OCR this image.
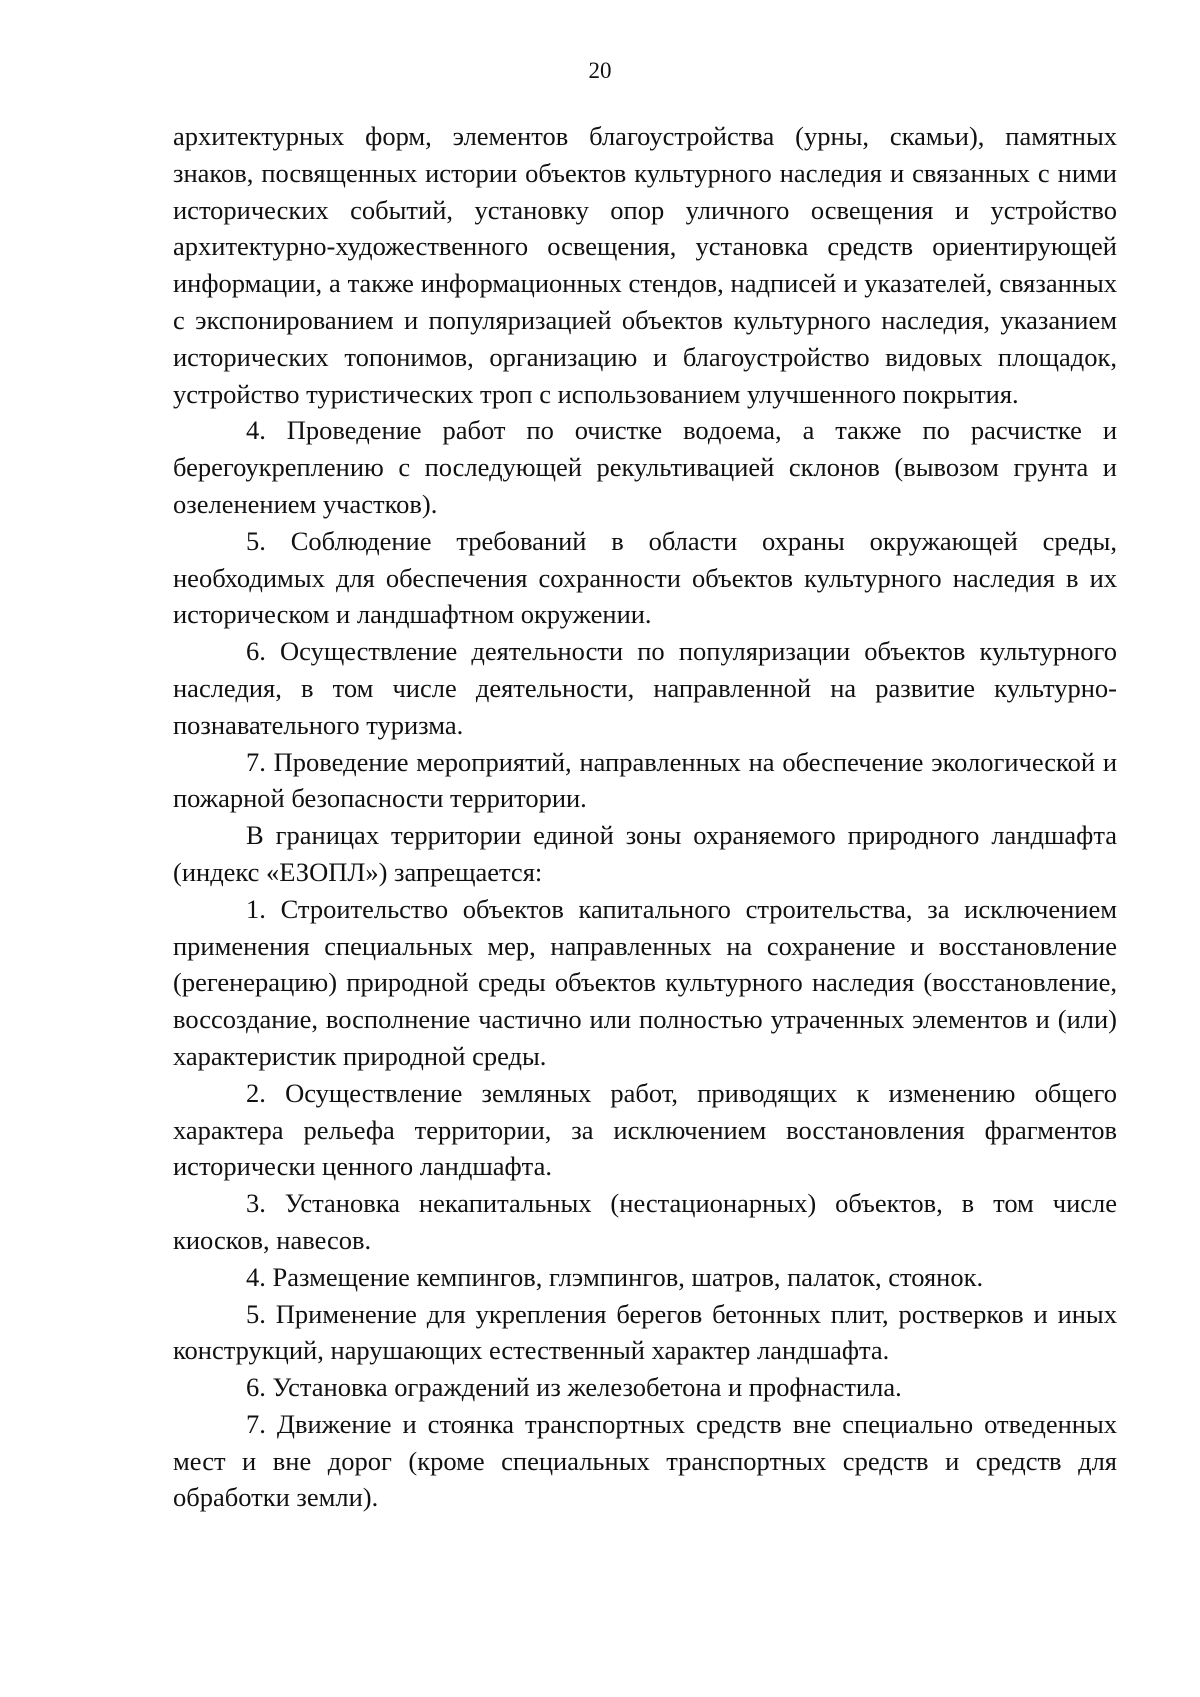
20

архитектурных форм, элементов благоустройства (урны, скамьи), памятных знаков, посвященных истории объектов культурного наследия и связанных с ними исторических событий, установку опор уличного освещения и устройство архитектурно-художественного освещения, установка средств ориентирующей информации, а также информационных стендов, надписей и указателей, связанных с экспонированием и популяризацией объектов культурного наследия, указанием исторических топонимов, организацию и благоустройство видовых площадок, устройство туристических троп с использованием улучшенного покрытия.

4. Проведение работ по очистке водоема, а также по расчистке и берегоукреплению с последующей рекультивацией склонов (вывозом грунта и озеленением участков).

5. Соблюдение требований в области охраны окружающей среды, необходимых для обеспечения сохранности объектов культурного наследия в их историческом и ландшафтном окружении.

6. Осуществление деятельности по популяризации объектов культурного наследия, в том числе деятельности, направленной на развитие культурно-познавательного туризма.

7. Проведение мероприятий, направленных на обеспечение экологической и пожарной безопасности территории.

В границах территории единой зоны охраняемого природного ландшафта (индекс «ЕЗОПЛ») запрещается:

1. Строительство объектов капитального строительства, за исключением применения специальных мер, направленных на сохранение и восстановление (регенерацию) природной среды объектов культурного наследия (восстановление, воссоздание, восполнение частично или полностью утраченных элементов и (или) характеристик природной среды.

2. Осуществление земляных работ, приводящих к изменению общего характера рельефа территории, за исключением восстановления фрагментов исторически ценного ландшафта.

3. Установка некапитальных (нестационарных) объектов, в том числе киосков, навесов.

4. Размещение кемпингов, глэмпингов, шатров, палаток, стоянок.

5. Применение для укрепления берегов бетонных плит, ростверков и иных конструкций, нарушающих естественный характер ландшафта.

6. Установка ограждений из железобетона и профнастила.

7. Движение и стоянка транспортных средств вне специально отведенных мест и вне дорог (кроме специальных транспортных средств и средств для обработки земли).
